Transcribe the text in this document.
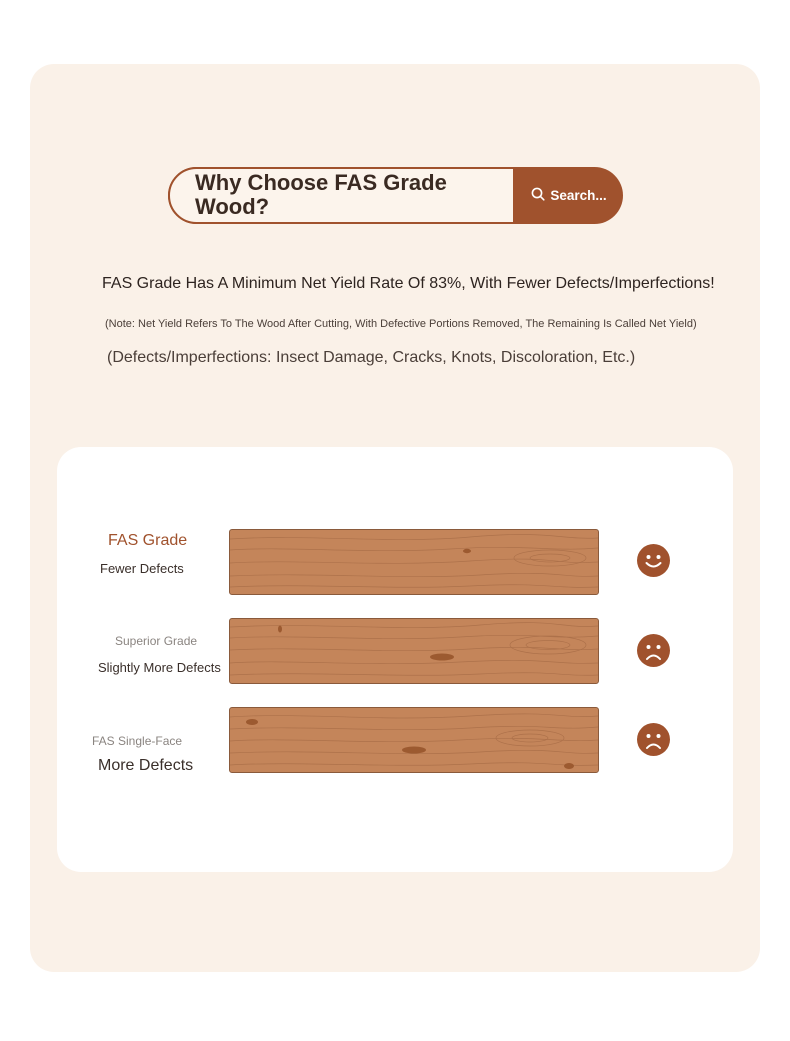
Why Choose FAS Grade Wood?	Search...
FAS Grade Has A Minimum Net Yield Rate Of 83%, With Fewer Defects/Imperfections!
(Note: Net Yield Refers To The Wood After Cutting, With Defective Portions Removed, The Remaining Is Called Net Yield)
(Defects/Imperfections: Insect Damage, Cracks, Knots, Discoloration, Etc.)
FAS Grade
Fewer Defects
Superior Grade
Slightly More Defects
FAS Single-Face
More Defects
